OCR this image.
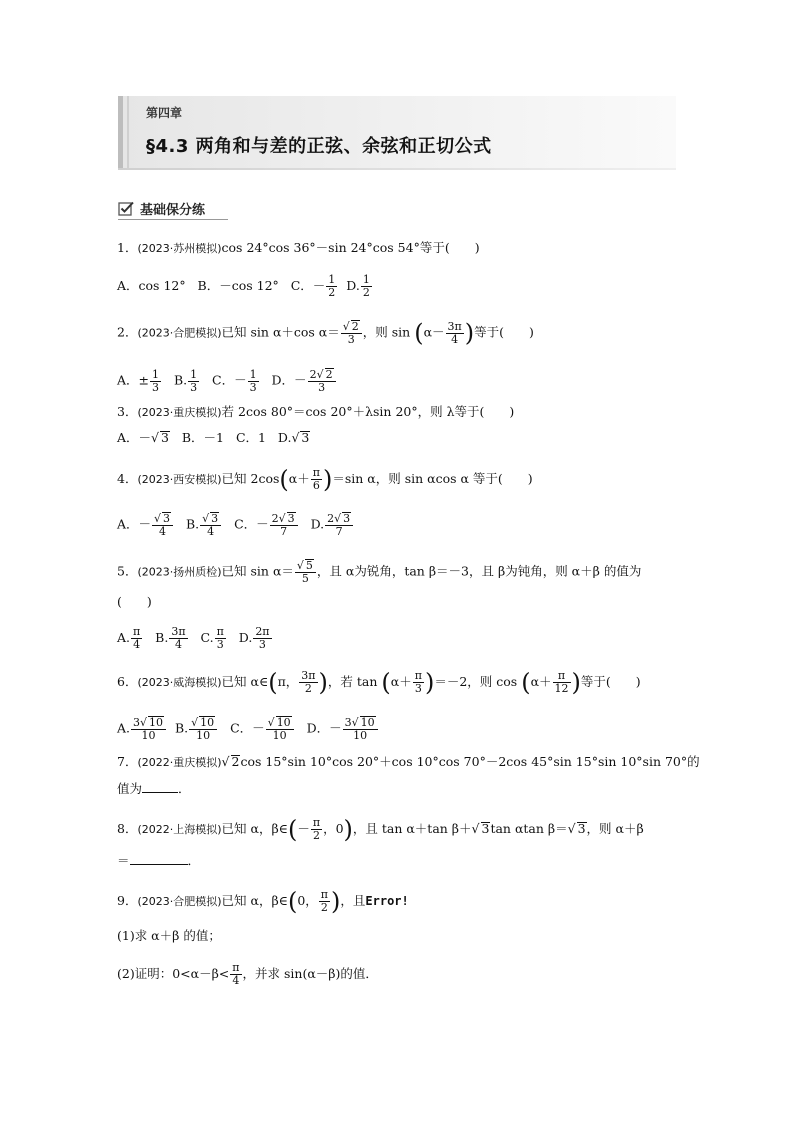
第四章
§4.3 两角和与差的正弦、余弦和正切公式
基础保分练
1．(2023·苏州模拟)cos 24°cos 36°－sin 24°cos 54°等于(　　)
A．cos 12° B．－cos 12° C．－ $\frac{1}{2} D$. $\frac{1}{2}$
2．(2023·合肥模拟)已知 sin α＋cos $\alpha= \frac{√ 2}{3}$ ，则 $\sin (\alpha- \frac{3\pi}{4}$ )等于(　　)
A．± $\frac{1}{3} B$. $\frac{1}{3}$ C．－ $\frac{1}{3}$ D．－ $\frac{2√ 2}{3}$
3．(2023·重庆模拟)若 2cos 80°＝cos 20°＋λsin 20°，则 λ等于(　　)
A．－√ 3 B．－1 C．1 D.√ 3
4．(2023·西安模拟)已知 $2\cos(\alpha+ \frac{\pi}{6} )=\sin$ α，则 sin αcos α 等于(　　)
A．－ $\frac{√ 3}{4} B$. $\frac{√ 3}{4}$ C．－ $\frac{2√ 3}{7} D$. $\frac{2√ 3}{7}$
5．(2023·扬州质检)已知 $\sin \alpha= \frac{√ 5}{5}$ ，且 α为锐角，tan β＝－3，且 β为钝角，则 α＋β 的值为
(　　)
A. $\frac{\pi}{4} B$. $\frac{3\pi}{4} C$. $\frac{\pi}{3} D$. $\frac{2\pi}{3}$
6．(2023·威海模拟)已知 α∈(π， $\frac{3\pi}{2}$ )，若 $\tan (\alpha+ \frac{\pi}{3} )=-2$，则 $\cos (\alpha+ \frac{\pi}{12}$ )等于(　　)
A. $\frac{3√ 10}{10} B$. $\frac{√ 10}{10}$ C．－ $\frac{√ 10}{10}$ D．－ $\frac{3√ 10}{10}$
7．(2022·重庆模拟)√ 2cos 15°sin 10°cos 20°＋cos 10°cos 70°－2cos 45°sin 15°sin 10°sin 70°的
值为	．
8．(2022·上海模拟)已知 α，β∈(－ $\frac{\pi}{2}$ ，0)，且 tan α＋tan β＋√ 3tan αtan β＝√ 3，则 α＋β
＝	．
9．(2023·合肥模拟)已知 α，β∈(0， $\frac{\pi}{2}$ )，且Error!
(1)求 α＋β 的值；
(2)证明：$0<\alpha-\beta< \frac{\pi}{4}$ ，并求 sin(α－β)的值．
